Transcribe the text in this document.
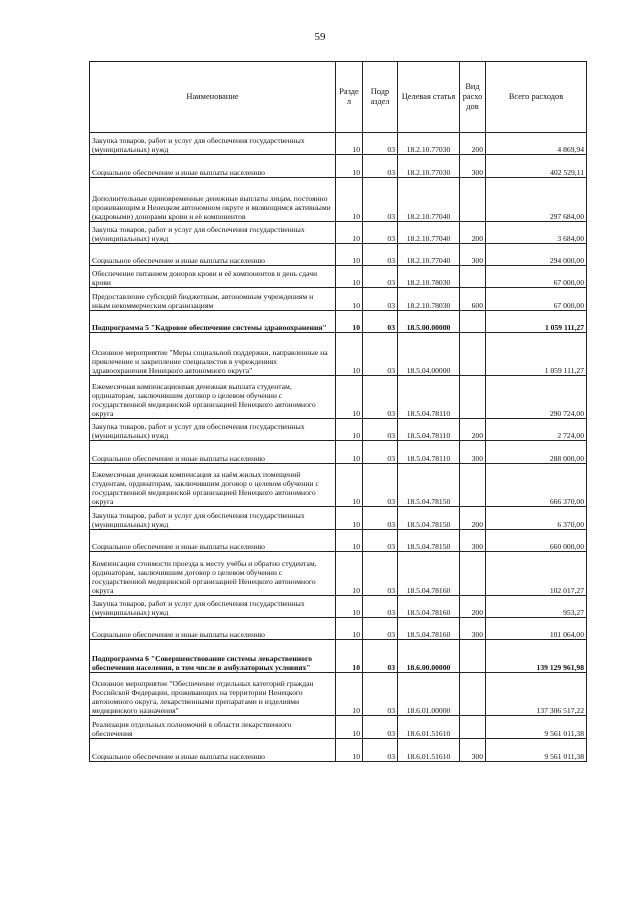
59
Наименование	Разде л	Подр аздел	Целевая статья	Вид расхо дов	Всего расходов
Закупка товаров, работ и услуг для обеспечения государственных (муниципальных) нужд	10	03	18.2.10.77030	200	4 869,94
Социальное обеспечение и иные выплаты населению	10	03	18.2.10.77030	300	402 529,11
Дополнительные единовременные денежные выплаты лицам, постоянно проживающим в Ненецком автономном округе и являющимся активными (кадровыми) донорами крови и её компонентов	10	03	18.2.10.77040		297 684,00
Закупка товаров, работ и услуг для обеспечения государственных (муниципальных) нужд	10	03	18.2.10.77040	200	3 684,00
Социальное обеспечение и иные выплаты населению	10	03	18.2.10.77040	300	294 000,00
Обеспечение питанием доноров крови и её компонентов в день сдачи крови	10	03	18.2.10.78030		67 000,00
Предоставление субсидий бюджетным, автономным учреждениям и иным некоммерческим организациям	10	03	18.2.10.78030	600	67 000,00
Подпрограмма 5 "Кадровое обеспечение системы здравоохранения"	10	03	18.5.00.00000		1 059 111,27
Основное мероприятие "Меры социальной поддержки, направленные на привлечение и закрепление специалистов в учреждениях здравоохранения Ненецкого автономного округа"	10	03	18.5.04.00000		1 059 111,27
Ежемесячная компенсационная денежная выплата студентам, ординаторам, заключившим договор о целевом обучении с государственной медицинской организацией Ненецкого автономного округа	10	03	18.5.04.78110		290 724,00
Закупка товаров, работ и услуг для обеспечения государственных (муниципальных) нужд	10	03	18.5.04.78110	200	2 724,00
Социальное обеспечение и иные выплаты населению	10	03	18.5.04.78110	300	288 000,00
Ежемесячная денежная компенсация за наём жилых помещений студентам, ординаторам, заключившим договор о целевом обучении с государственной медицинской организацией Ненецкого автономного округа	10	03	18.5.04.78150		666 370,00
Закупка товаров, работ и услуг для обеспечения государственных (муниципальных) нужд	10	03	18.5.04.78150	200	6 370,00
Социальное обеспечение и иные выплаты населению	10	03	18.5.04.78150	300	660 000,00
Компенсация стоимости проезда к месту учёбы и обратно студентам, ординаторам, заключившим договор о целевом обучении с государственной медицинской организацией Ненецкого автономного округа	10	03	18.5.04.78160		102 017,27
Закупка товаров, работ и услуг для обеспечения государственных (муниципальных) нужд	10	03	18.5.04.78160	200	953,27
Социальное обеспечение и иные выплаты населению	10	03	18.5.04.78160	300	101 064,00
Подпрограмма 6 "Совершенствование системы лекарственного обеспечения населения, в том числе в амбулаторных условиях"	10	03	18.6.00.00000		139 129 961,98
Основное мероприятие "Обеспечение отдельных категорий граждан Российской Федерации, проживающих на территории Ненецкого автономного округа, лекарственными препаратами и изделиями медицинского назначения"	10	03	18.6.01.00000		137 306 517,22
Реализация отдельных полномочий в области лекарственного обеспечения	10	03	18.6.01.51610		9 561 011,38
Социальное обеспечение и иные выплаты населению	10	03	18.6.01.51610	300	9 561 011,38
